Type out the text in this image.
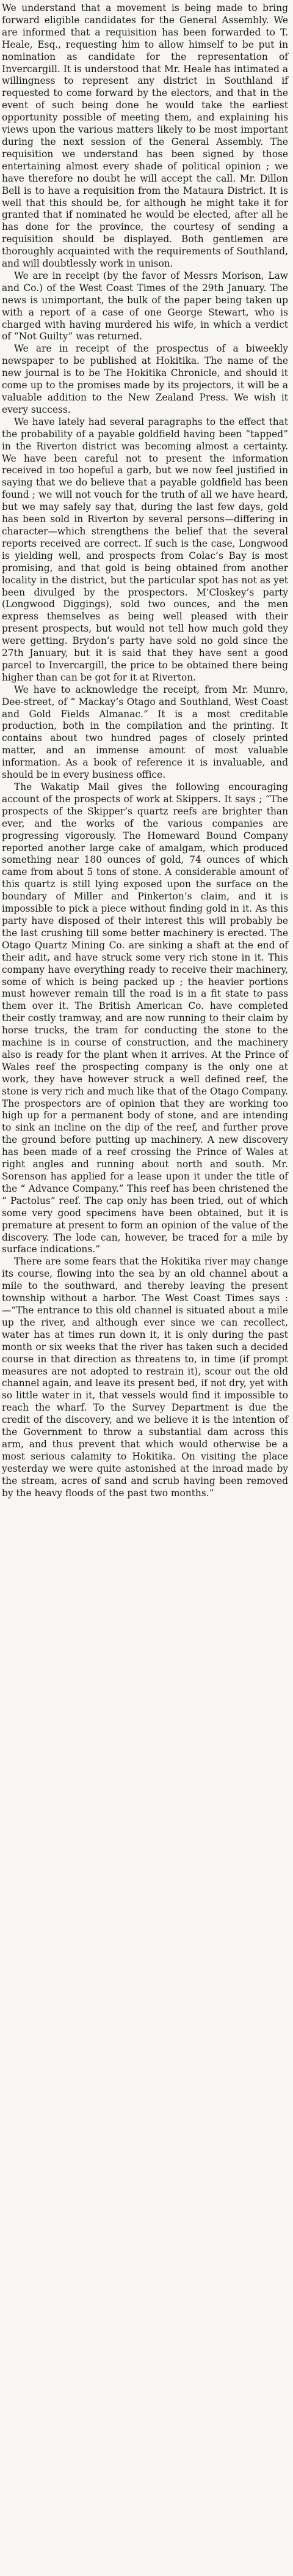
We understand that a movement is being made to bring forward eligible candidates for the General Assembly. We are informed that a requisition has been forwarded to T. Heale, Esq., requesting him to allow himself to be put in nomination as candidate for the representation of Invercargill. It is understood that Mr. Heale has intimated a willingness to represent any district in Southland if requested to come forward by the electors, and that in the event of such being done he would take the earliest opportunity possible of meeting them, and explaining his views upon the various matters likely to be most important during the next session of the General Assembly. The requisition we understand has been signed by those entertaining almost every shade of political opinion ; we have therefore no doubt he will accept the call. Mr. Dillon Bell is to have a requisition from the Mataura District. It is well that this should be, for although he might take it for granted that if nominated he would be elected, after all he has done for the province, the courtesy of sending a requisition should be displayed. Both gentlemen are thoroughly acquainted with the requirements of Southland, and will doubtlessly work in unison.

We are in receipt (by the favor of Messrs Morison, Law and Co.) of the West Coast Times of the 29th January. The news is unimportant, the bulk of the paper being taken up with a report of a case of one George Stewart, who is charged with having murdered his wife, in which a verdict of “Not Guilty” was returned.

We are in receipt of the prospectus of a biweekly newspaper to be published at Hokitika. The name of the new journal is to be The Hokitika Chronicle, and should it come up to the promises made by its projectors, it will be a valuable addition to the New Zealand Press. We wish it every success.

We have lately had several paragraphs to the effect that the probability of a payable goldfield having been “tapped” in the Riverton district was becoming almost a certainty. We have been careful not to present the information received in too hopeful a garb, but we now feel justified in saying that we do believe that a payable goldfield has been found ; we will not vouch for the truth of all we have heard, but we may safely say that, during the last few days, gold has been sold in Riverton by several persons—differing in character—which strengthens the belief that the several reports received are correct. If such is the case, Longwood is yielding well, and prospects from Colac’s Bay is most promising, and that gold is being obtained from another locality in the district, but the particular spot has not as yet been divulged by the prospectors. M’Closkey’s party (Longwood Diggings), sold two ounces, and the men express themselves as being well pleased with their present prospects, but would not tell how much gold they were getting. Brydon’s party have sold no gold since the 27th January, but it is said that they have sent a good parcel to Invercargill, the price to be obtained there being higher than can be got for it at Riverton.

We have to acknowledge the receipt, from Mr. Munro, Dee-street, of “ Mackay’s Otago and Southland, West Coast and Gold Fields Almanac.” It is a most creditable production, both in the compilation and the printing. It contains about two hundred pages of closely printed matter, and an immense amount of most valuable information. As a book of reference it is invaluable, and should be in every business office.

The Wakatip Mail gives the following encouraging account of the prospects of work at Skippers. It says ; “The prospects of the Skipper’s quartz reefs are brighter than ever, and the works of the various companies are progressing vigorously. The Homeward Bound Company reported another large cake of amalgam, which produced something near 180 ounces of gold, 74 ounces of which came from about 5 tons of stone. A considerable amount of this quartz is still lying exposed upon the surface on the boundary of Miller and Pinkerton’s claim, and it is impossible to pick a piece without finding gold in it. As this party have disposed of their interest this will probably be the last crushing till some better machinery is erected. The Otago Quartz Mining Co. are sinking a shaft at the end of their adit, and have struck some very rich stone in it. This company have everything ready to receive their machinery, some of which is being packed up ; the heavier portions must however remain till the road is in a fit state to pass them over it. The British American Co. have completed their costly tramway, and are now running to their claim by horse trucks, the tram for conducting the stone to the machine is in course of construction, and the machinery also is ready for the plant when it arrives. At the Prince of Wales reef the prospecting company is the only one at work, they have however struck a well defined reef, the stone is very rich and much like that of the Otago Company. The prospectors are of opinion that they are working too high up for a permanent body of stone, and are intending to sink an incline on the dip of the reef, and further prove the ground before putting up machinery. A new discovery has been made of a reef crossing the Prince of Wales at right angles and running about north and south. Mr. Sorenson has applied for a lease upon it under the title of the “ Advance Company.” This reef has been christened the “ Pactolus” reef. The cap only has been tried, out of which some very good specimens have been obtained, but it is premature at present to form an opinion of the value of the discovery. The lode can, however, be traced for a mile by surface indications.”

There are some fears that the Hokitika river may change its course, flowing into the sea by an old channel about a mile to the southward, and thereby leaving the present township without a harbor. The West Coast Times says :—“The entrance to this old channel is situated about a mile up the river, and although ever since we can recollect, water has at times run down it, it is only during the past month or six weeks that the river has taken such a decided course in that direction as threatens to, in time (if prompt measures are not adopted to restrain it), scour out the old channel again, and leave its present bed, if not dry, yet with so little water in it, that vessels would find it impossible to reach the wharf. To the Survey Department is due the credit of the discovery, and we believe it is the intention of the Government to throw a substantial dam across this arm, and thus prevent that which would otherwise be a most serious calamity to Hokitika. On visiting the place yesterday we were quite astonished at the inroad made by the stream, acres of sand and scrub having been removed by the heavy floods of the past two months.”
